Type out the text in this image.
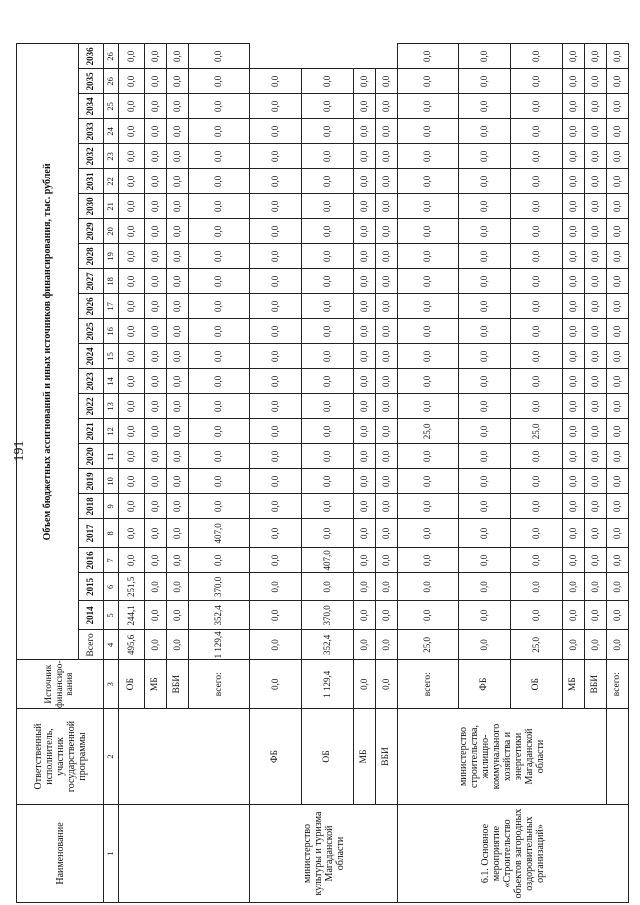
191
Наименование	Ответственный исполнитель, участник государственной программы	Источник финансиро-вания	Объем бюджетных ассигнований и иных источников финансирования, тыс. рублей																							
			Всего	2014	2015	2016	2017	2018	2019	2020	2021	2022	2023	2024	2025	2026	2027	2028	2029	2030	2031	2032	2033	2034	2035	2036
1	2	3	4	5	6	7	8	9	10	11	12	13	14	15	16	17	18	19	20	21	22	23	24	25	26	26
		ОБ	495,6	244,1	251,5	0,0	0,0	0,0	0,0	0,0	0,0	0,0	0,0	0,0	0,0	0,0	0,0	0,0	0,0	0,0	0,0	0,0	0,0	0,0	0,0	0,0
		МБ	0,0	0,0	0,0	0,0	0,0	0,0	0,0	0,0	0,0	0,0	0,0	0,0	0,0	0,0	0,0	0,0	0,0	0,0	0,0	0,0	0,0	0,0	0,0	0,0
		ВБИ	0,0	0,0	0,0	0,0	0,0	0,0	0,0	0,0	0,0	0,0	0,0	0,0	0,0	0,0	0,0	0,0	0,0	0,0	0,0	0,0	0,0	0,0	0,0	0,0
		всего:	1 129,4	352,4	370,0	0,0	407,0	0,0	0,0	0,0	0,0	0,0	0,0	0,0	0,0	0,0	0,0	0,0	0,0	0,0	0,0	0,0	0,0	0,0	0,0	0,0
министерство культуры и туризма Магаданской области	ФБ	0,0	0,0	0,0	0,0	0,0	0,0	0,0	0,0	0,0	0,0	0,0	0,0	0,0	0,0	0,0	0,0	0,0	0,0	0,0	0,0	0,0	0,0	0,0	0,0	
	ОБ	1 129,4	352,4	370,0	0,0	407,0	0,0	0,0	0,0	0,0	0,0	0,0	0,0	0,0	0,0	0,0	0,0	0,0	0,0	0,0	0,0	0,0	0,0	0,0	0,0	
	МБ	0,0	0,0	0,0	0,0	0,0	0,0	0,0	0,0	0,0	0,0	0,0	0,0	0,0	0,0	0,0	0,0	0,0	0,0	0,0	0,0	0,0	0,0	0,0	0,0	
	ВБИ	0,0	0,0	0,0	0,0	0,0	0,0	0,0	0,0	0,0	0,0	0,0	0,0	0,0	0,0	0,0	0,0	0,0	0,0	0,0	0,0	0,0	0,0	0,0	0,0	
6.1. Основное мероприятие «Строительство объектов загородных оздоровительных организаций»	министерство строительства, жилищно-коммунального хозяйства и энергетики Магаданской области	всего:	25,0	0,0	0,0	0,0	0,0	0,0	0,0	0,0	25,0	0,0	0,0	0,0	0,0	0,0	0,0	0,0	0,0	0,0	0,0	0,0	0,0	0,0	0,0	0,0
		ФБ	0,0	0,0	0,0	0,0	0,0	0,0	0,0	0,0	0,0	0,0	0,0	0,0	0,0	0,0	0,0	0,0	0,0	0,0	0,0	0,0	0,0	0,0	0,0	0,0
		ОБ	25,0	0,0	0,0	0,0	0,0	0,0	0,0	0,0	25,0	0,0	0,0	0,0	0,0	0,0	0,0	0,0	0,0	0,0	0,0	0,0	0,0	0,0	0,0	0,0
		МБ	0,0	0,0	0,0	0,0	0,0	0,0	0,0	0,0	0,0	0,0	0,0	0,0	0,0	0,0	0,0	0,0	0,0	0,0	0,0	0,0	0,0	0,0	0,0	0,0
		ВБИ	0,0	0,0	0,0	0,0	0,0	0,0	0,0	0,0	0,0	0,0	0,0	0,0	0,0	0,0	0,0	0,0	0,0	0,0	0,0	0,0	0,0	0,0	0,0	0,0
		всего:	0,0	0,0	0,0	0,0	0,0	0,0	0,0	0,0	0,0	0,0	0,0	0,0	0,0	0,0	0,0	0,0	0,0	0,0	0,0	0,0	0,0	0,0	0,0	0,0
